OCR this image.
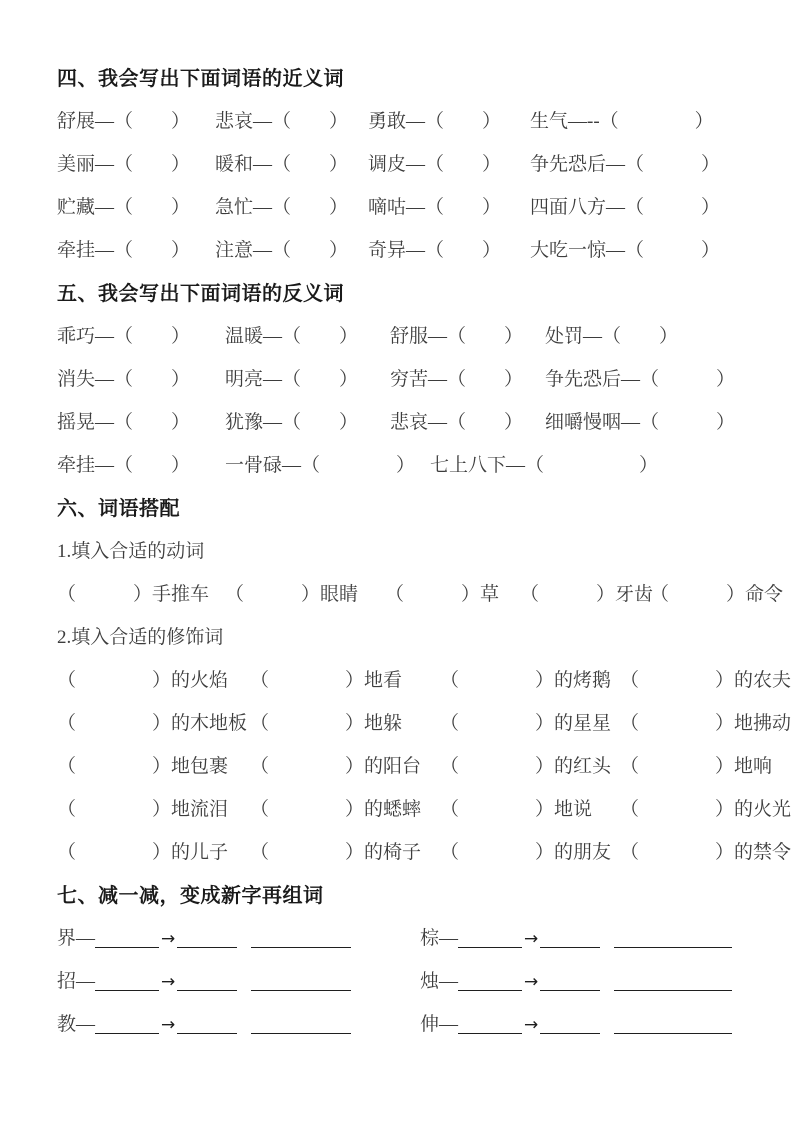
四、我会写出下面词语的近义词
舒展—（　　）	悲哀—（　　）	勇敢—（　　）	生气—--（　　　　）
美丽—（　　）	暖和—（　　）	调皮—（　　）	争先恐后—（　　　）
贮藏—（　　）	急忙—（　　）	嘀咕—（　　）	四面八方—（　　　）
牵挂—（　　）	注意—（　　）	奇异—（　　）	大吃一惊—（　　　）
五、我会写出下面词语的反义词
乖巧—（　　）	温暖—（　　）	舒服—（　　）	处罚—（　　）
消失—（　　）	明亮—（　　）	穷苦—（　　）	争先恐后—（　　　）
摇晃—（　　）	犹豫—（　　）	悲哀—（　　）	细嚼慢咽—（　　　）
牵挂—（　　）	一骨碌—（　　　　） 七上八下—（　　　　　）
六、词语搭配
1.填入合适的动词
（　　　）手推车 （　　　）眼睛	（　　　）草	（　　　）牙齿
（　　　）命令
2.填入合适的修饰词
（　　　　）的火焰	（　　　　）地看	（　　　　）的烤鹅 （　　　　）的农夫
（　　　　）的木地板 （　　　　）地躲	（　　　　）的星星 （　　　　）地拂动
（　　　　）地包裹	（　　　　）的阳台 （　　　　）的红头 （　　　　）地响
（　　　　）地流泪	（　　　　）的蟋蟀 （　　　　）地说	（　　　　）的火光
（　　　　）的儿子	（　　　　）的椅子 （　　　　）的朋友 （　　　　）的禁令
七、减一减，变成新字再组词
界—	→	棕—	→
招—	→	烛—	→
教—	→	伸—	→
